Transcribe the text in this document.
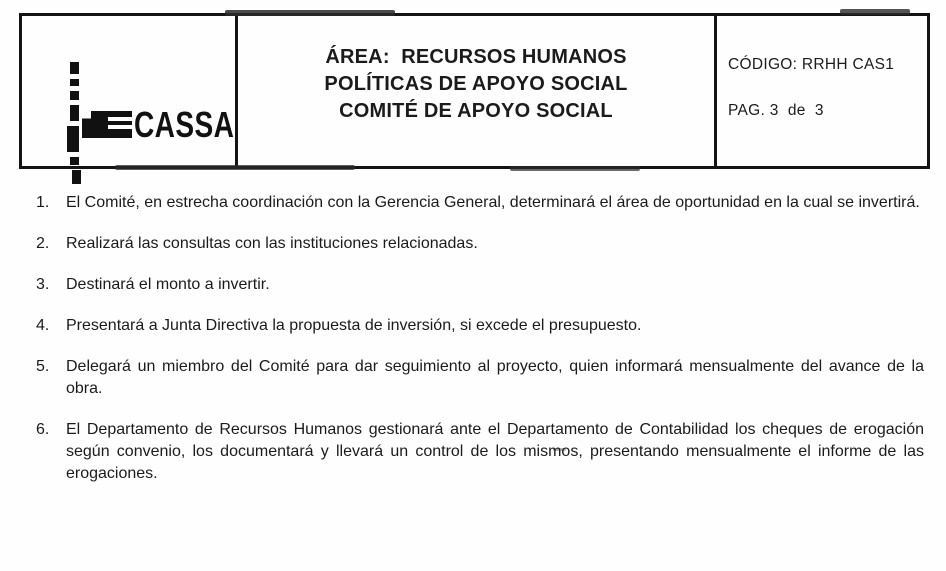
CASSA
ÁREA:  RECURSOS HUMANOS
POLÍTICAS DE APOYO SOCIAL
COMITÉ DE APOYO SOCIAL
CÓDIGO: RRHH CAS1
PAG. 3  de  3
1.	El Comité, en estrecha coordinación con la Gerencia General, determinará el área de oportunidad en la cual se invertirá.
2.	Realizará las consultas con las instituciones relacionadas.
3.	Destinará el monto a invertir.
4.	Presentará a Junta Directiva la propuesta de inversión, si excede el presupuesto.
5.	Delegará un miembro del Comité para dar seguimiento al proyecto, quien informará mensualmente del avance de la obra.
6.	El Departamento de Recursos Humanos gestionará ante el Departamento de Contabilidad los cheques de erogación según convenio, los documentará y llevará un control de los mismos, presentando mensualmente el informe de las erogaciones.
